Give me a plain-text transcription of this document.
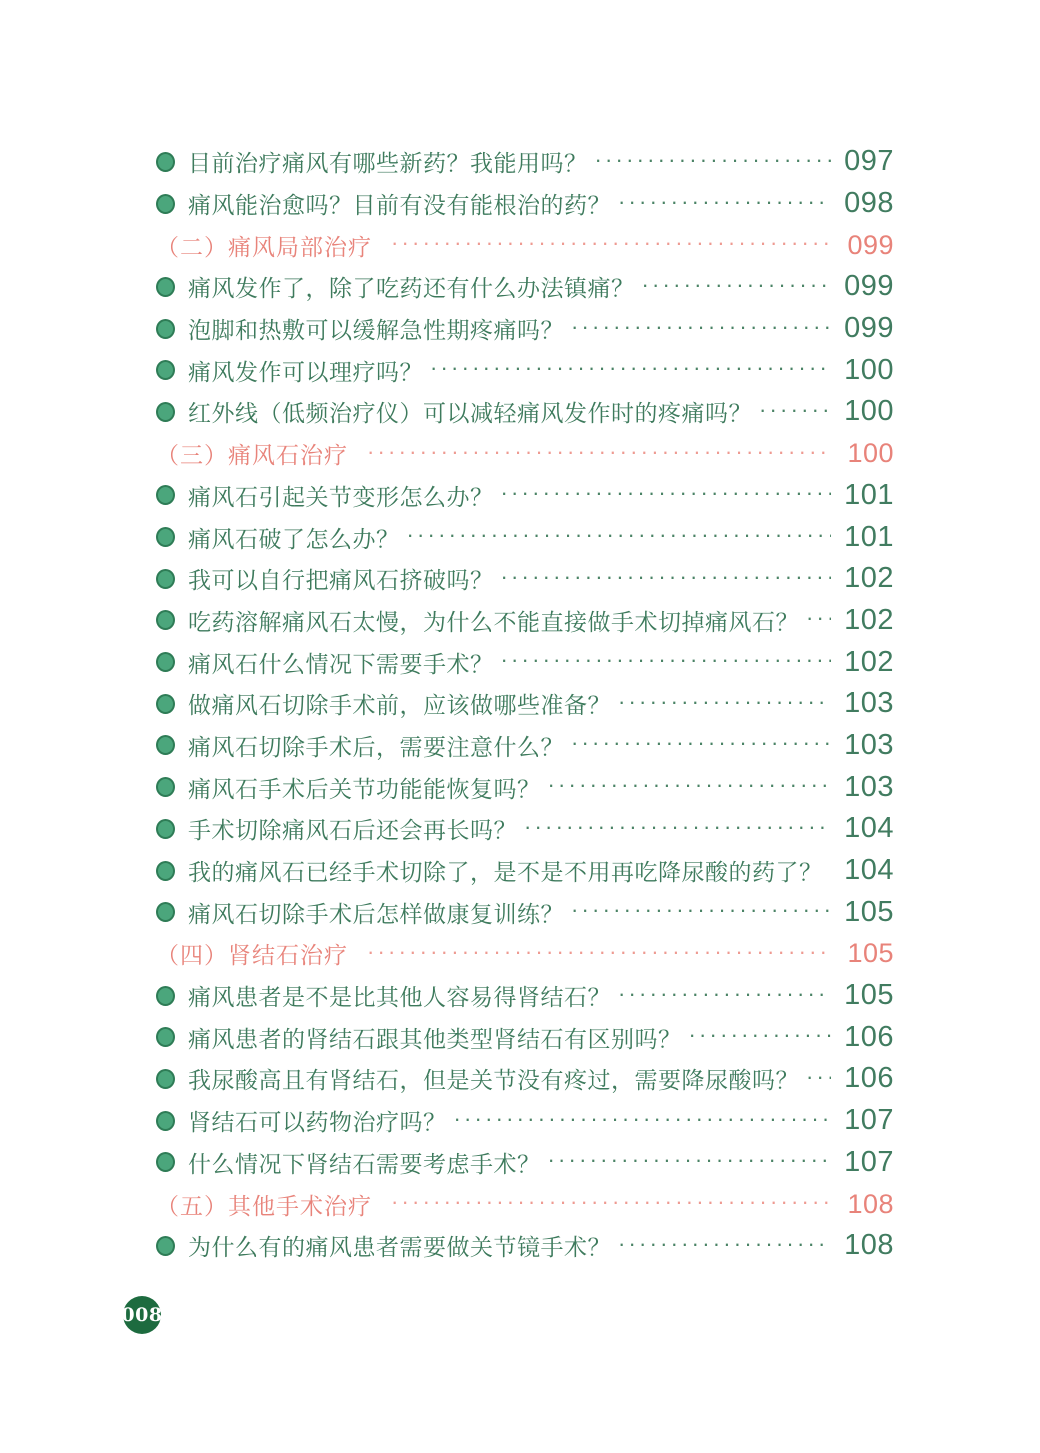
目前治疗痛风有哪些新药？我能用吗？ ·····	097
痛风能治愈吗？目前有没有能根治的药？ ·····	098
（二）痛风局部治疗 ·····	099
痛风发作了，除了吃药还有什么办法镇痛？ ·····	099
泡脚和热敷可以缓解急性期疼痛吗？ ·····	099
痛风发作可以理疗吗？ ·····	100
红外线（低频治疗仪）可以减轻痛风发作时的疼痛吗？ ·····	100
（三）痛风石治疗 ·····	100
痛风石引起关节变形怎么办？ ·····	101
痛风石破了怎么办？ ·····	101
我可以自行把痛风石挤破吗？ ·····	102
吃药溶解痛风石太慢，为什么不能直接做手术切掉痛风石？ ····· 102
痛风石什么情况下需要手术？ ·····	102
做痛风石切除手术前，应该做哪些准备？ ·····	103
痛风石切除手术后，需要注意什么？ ·····	103
痛风石手术后关节功能能恢复吗？ ·····	103
手术切除痛风石后还会再长吗？ ·····	104
我的痛风石已经手术切除了，是不是不用再吃降尿酸的药了？ ····· 104
痛风石切除手术后怎样做康复训练？ ·····	105
（四）肾结石治疗 ·····	105
痛风患者是不是比其他人容易得肾结石？ ·····	105
痛风患者的肾结石跟其他类型肾结石有区别吗？ ·····	106
我尿酸高且有肾结石，但是关节没有疼过，需要降尿酸吗？ ····· 106
肾结石可以药物治疗吗？ ·····	107
什么情况下肾结石需要考虑手术？ ·····	107
（五）其他手术治疗 ·····	108
为什么有的痛风患者需要做关节镜手术？ ·····	108
008
